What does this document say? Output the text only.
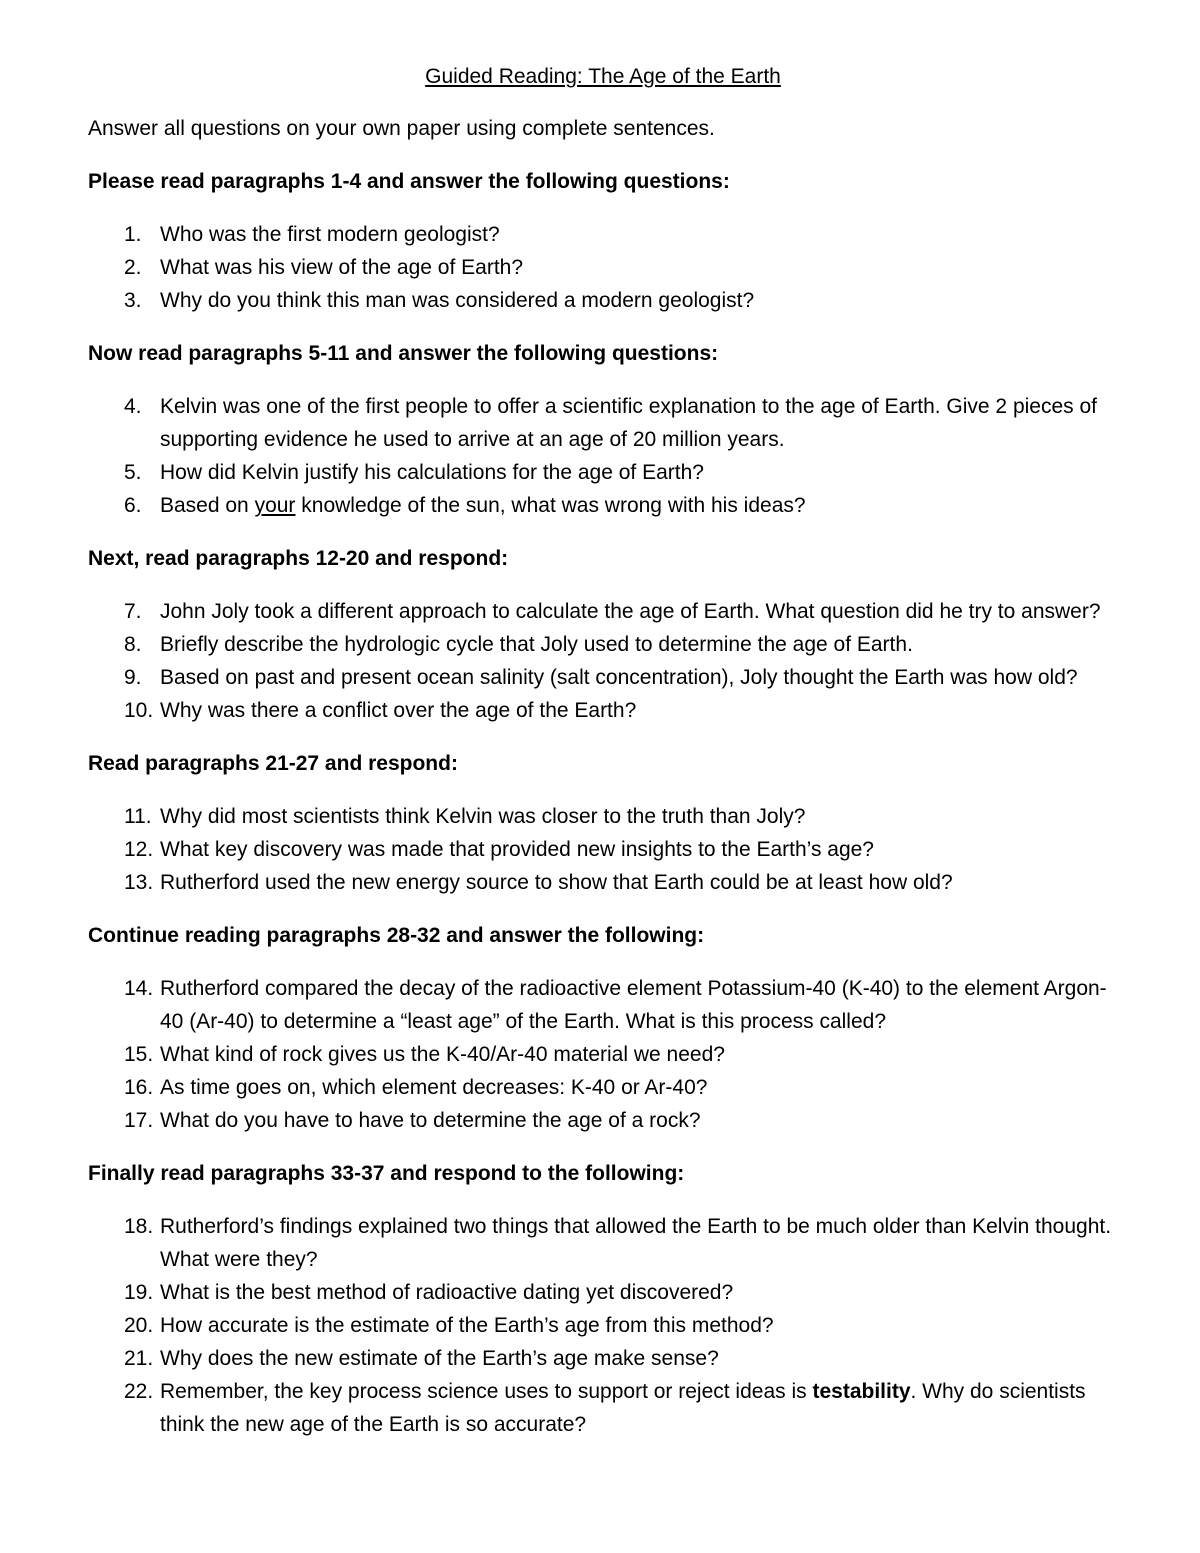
Guided Reading: The Age of the Earth
Answer all questions on your own paper using complete sentences.
Please read paragraphs 1-4 and answer the following questions:
1. Who was the first modern geologist?
2. What was his view of the age of Earth?
3. Why do you think this man was considered a modern geologist?
Now read paragraphs 5-11 and answer the following questions:
4. Kelvin was one of the first people to offer a scientific explanation to the age of Earth. Give 2 pieces of supporting evidence he used to arrive at an age of 20 million years.
5. How did Kelvin justify his calculations for the age of Earth?
6. Based on your knowledge of the sun, what was wrong with his ideas?
Next, read paragraphs 12-20 and respond:
7. John Joly took a different approach to calculate the age of Earth. What question did he try to answer?
8. Briefly describe the hydrologic cycle that Joly used to determine the age of Earth.
9. Based on past and present ocean salinity (salt concentration), Joly thought the Earth was how old?
10. Why was there a conflict over the age of the Earth?
Read paragraphs 21-27 and respond:
11. Why did most scientists think Kelvin was closer to the truth than Joly?
12. What key discovery was made that provided new insights to the Earth’s age?
13. Rutherford used the new energy source to show that Earth could be at least how old?
Continue reading paragraphs 28-32 and answer the following:
14. Rutherford compared the decay of the radioactive element Potassium-40 (K-40) to the element Argon-40 (Ar-40) to determine a “least age” of the Earth. What is this process called?
15. What kind of rock gives us the K-40/Ar-40 material we need?
16. As time goes on, which element decreases: K-40 or Ar-40?
17. What do you have to have to determine the age of a rock?
Finally read paragraphs 33-37 and respond to the following:
18. Rutherford’s findings explained two things that allowed the Earth to be much older than Kelvin thought. What were they?
19. What is the best method of radioactive dating yet discovered?
20. How accurate is the estimate of the Earth’s age from this method?
21. Why does the new estimate of the Earth’s age make sense?
22. Remember, the key process science uses to support or reject ideas is testability. Why do scientists think the new age of the Earth is so accurate?
